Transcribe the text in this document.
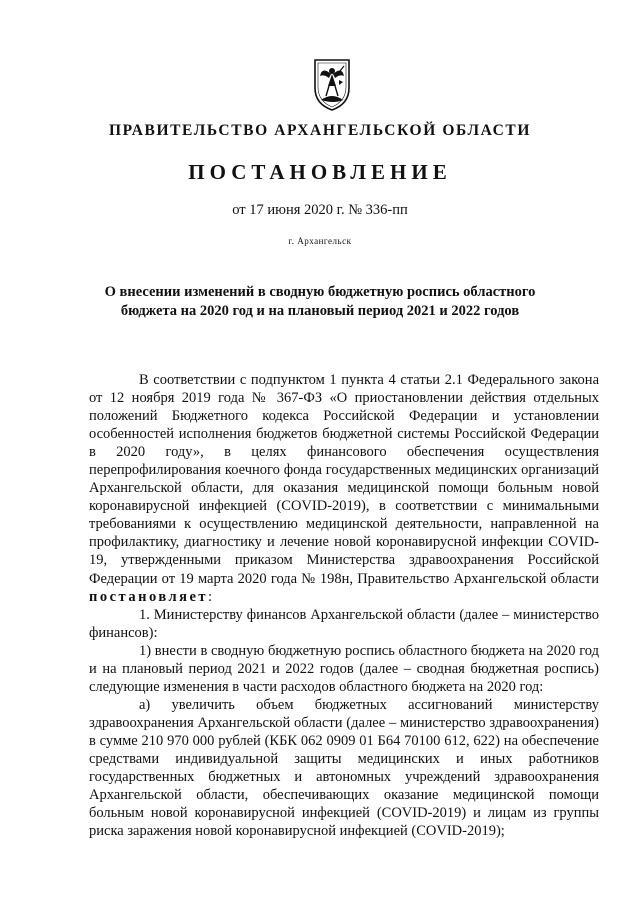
ПРАВИТЕЛЬСТВО АРХАНГЕЛЬСКОЙ ОБЛАСТИ
ПОСТАНОВЛЕНИЕ
от 17 июня 2020 г. № 336-пп
г. Архангельск
О внесении изменений в сводную бюджетную роспись областного бюджета на 2020 год и на плановый период 2021 и 2022 годов

В соответствии с подпунктом 1 пункта 4 статьи 2.1 Федерального закона от 12 ноября 2019 года № 367-ФЗ «О приостановлении действия отдельных положений Бюджетного кодекса Российской Федерации и установлении особенностей исполнения бюджетов бюджетной системы Российской Федерации в 2020 году», в целях финансового обеспечения осуществления перепрофилирования коечного фонда государственных медицинских организаций Архангельской области, для оказания медицинской помощи больным новой коронавирусной инфекцией (COVID-2019), в соответствии с минимальными требованиями к осуществлению медицинской деятельности, направленной на профилактику, диагностику и лечение новой коронавирусной инфекции COVID-19, утвержденными приказом Министерства здравоохранения Российской Федерации от 19 марта 2020 года № 198н, Правительство Архангельской области постановляет:

1. Министерству финансов Архангельской области (далее – министерство финансов):

1) внести в сводную бюджетную роспись областного бюджета на 2020 год и на плановый период 2021 и 2022 годов (далее – сводная бюджетная роспись) следующие изменения в части расходов областного бюджета на 2020 год:

а) увеличить объем бюджетных ассигнований министерству здравоохранения Архангельской области (далее – министерство здравоохранения) в сумме 210 970 000 рублей (КБК 062 0909 01 Б64 70100 612, 622) на обеспечение средствами индивидуальной защиты медицинских и иных работников государственных бюджетных и автономных учреждений здравоохранения Архангельской области, обеспечивающих оказание медицинской помощи больным новой коронавирусной инфекцией (COVID-2019) и лицам из группы риска заражения новой коронавирусной инфекцией (COVID-2019);
